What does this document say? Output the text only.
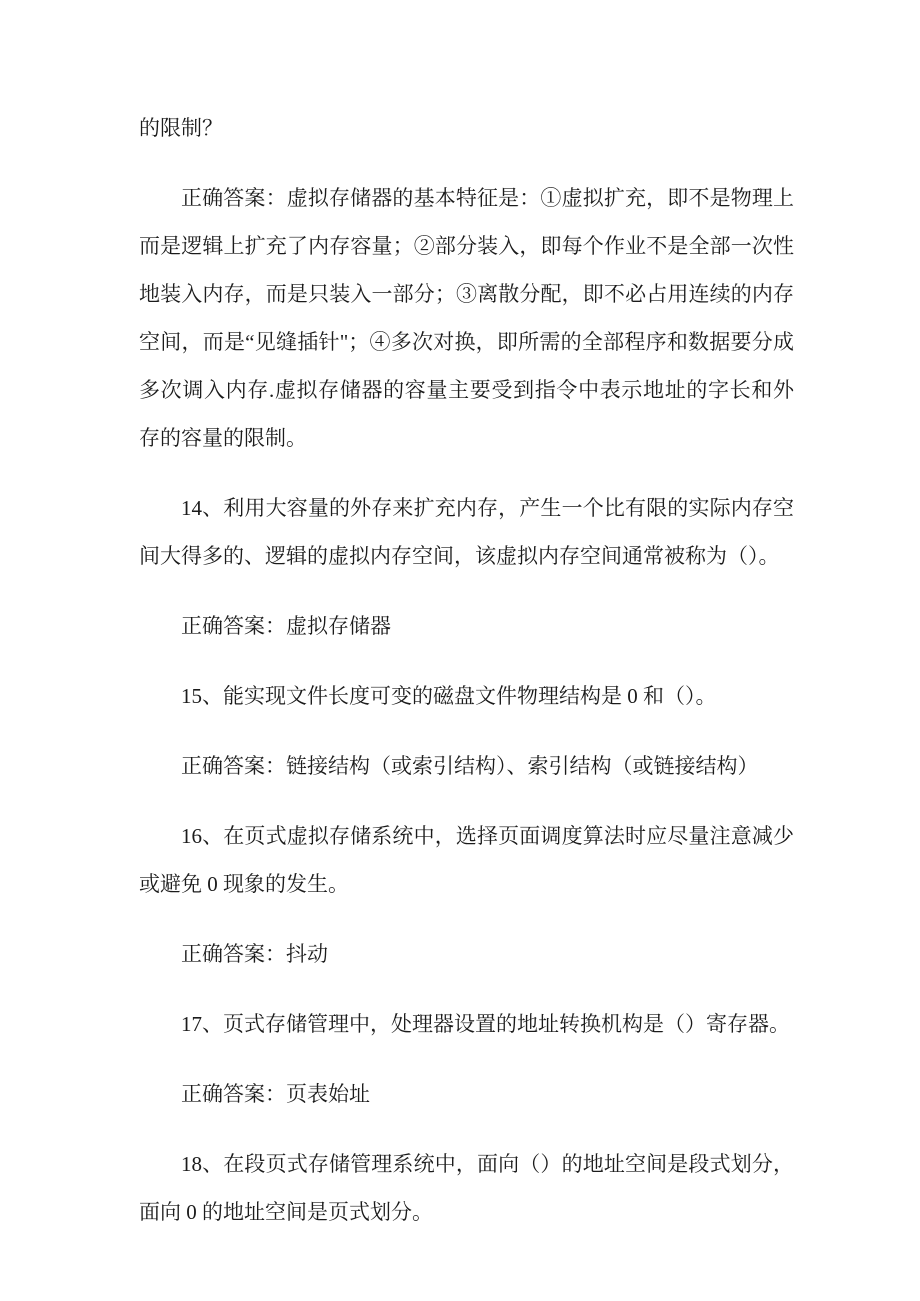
的限制？

正确答案：虚拟存储器的基本特征是：①虚拟扩充，即不是物理上而是逻辑上扩充了内存容量；②部分装入，即每个作业不是全部一次性地装入内存，而是只装入一部分；③离散分配，即不必占用连续的内存空间，而是“见缝插针"；④多次对换，即所需的全部程序和数据要分成多次调入内存.虚拟存储器的容量主要受到指令中表示地址的字长和外存的容量的限制。

14、利用大容量的外存来扩充内存，产生一个比有限的实际内存空间大得多的、逻辑的虚拟内存空间，该虚拟内存空间通常被称为（）。

正确答案：虚拟存储器

15、能实现文件长度可变的磁盘文件物理结构是 0 和（）。

正确答案：链接结构（或索引结构）、索引结构（或链接结构）

16、在页式虚拟存储系统中，选择页面调度算法时应尽量注意减少或避免 0 现象的发生。

正确答案：抖动

17、页式存储管理中，处理器设置的地址转换机构是（）寄存器。

正确答案：页表始址

18、在段页式存储管理系统中，面向（）的地址空间是段式划分，面向 0 的地址空间是页式划分。
